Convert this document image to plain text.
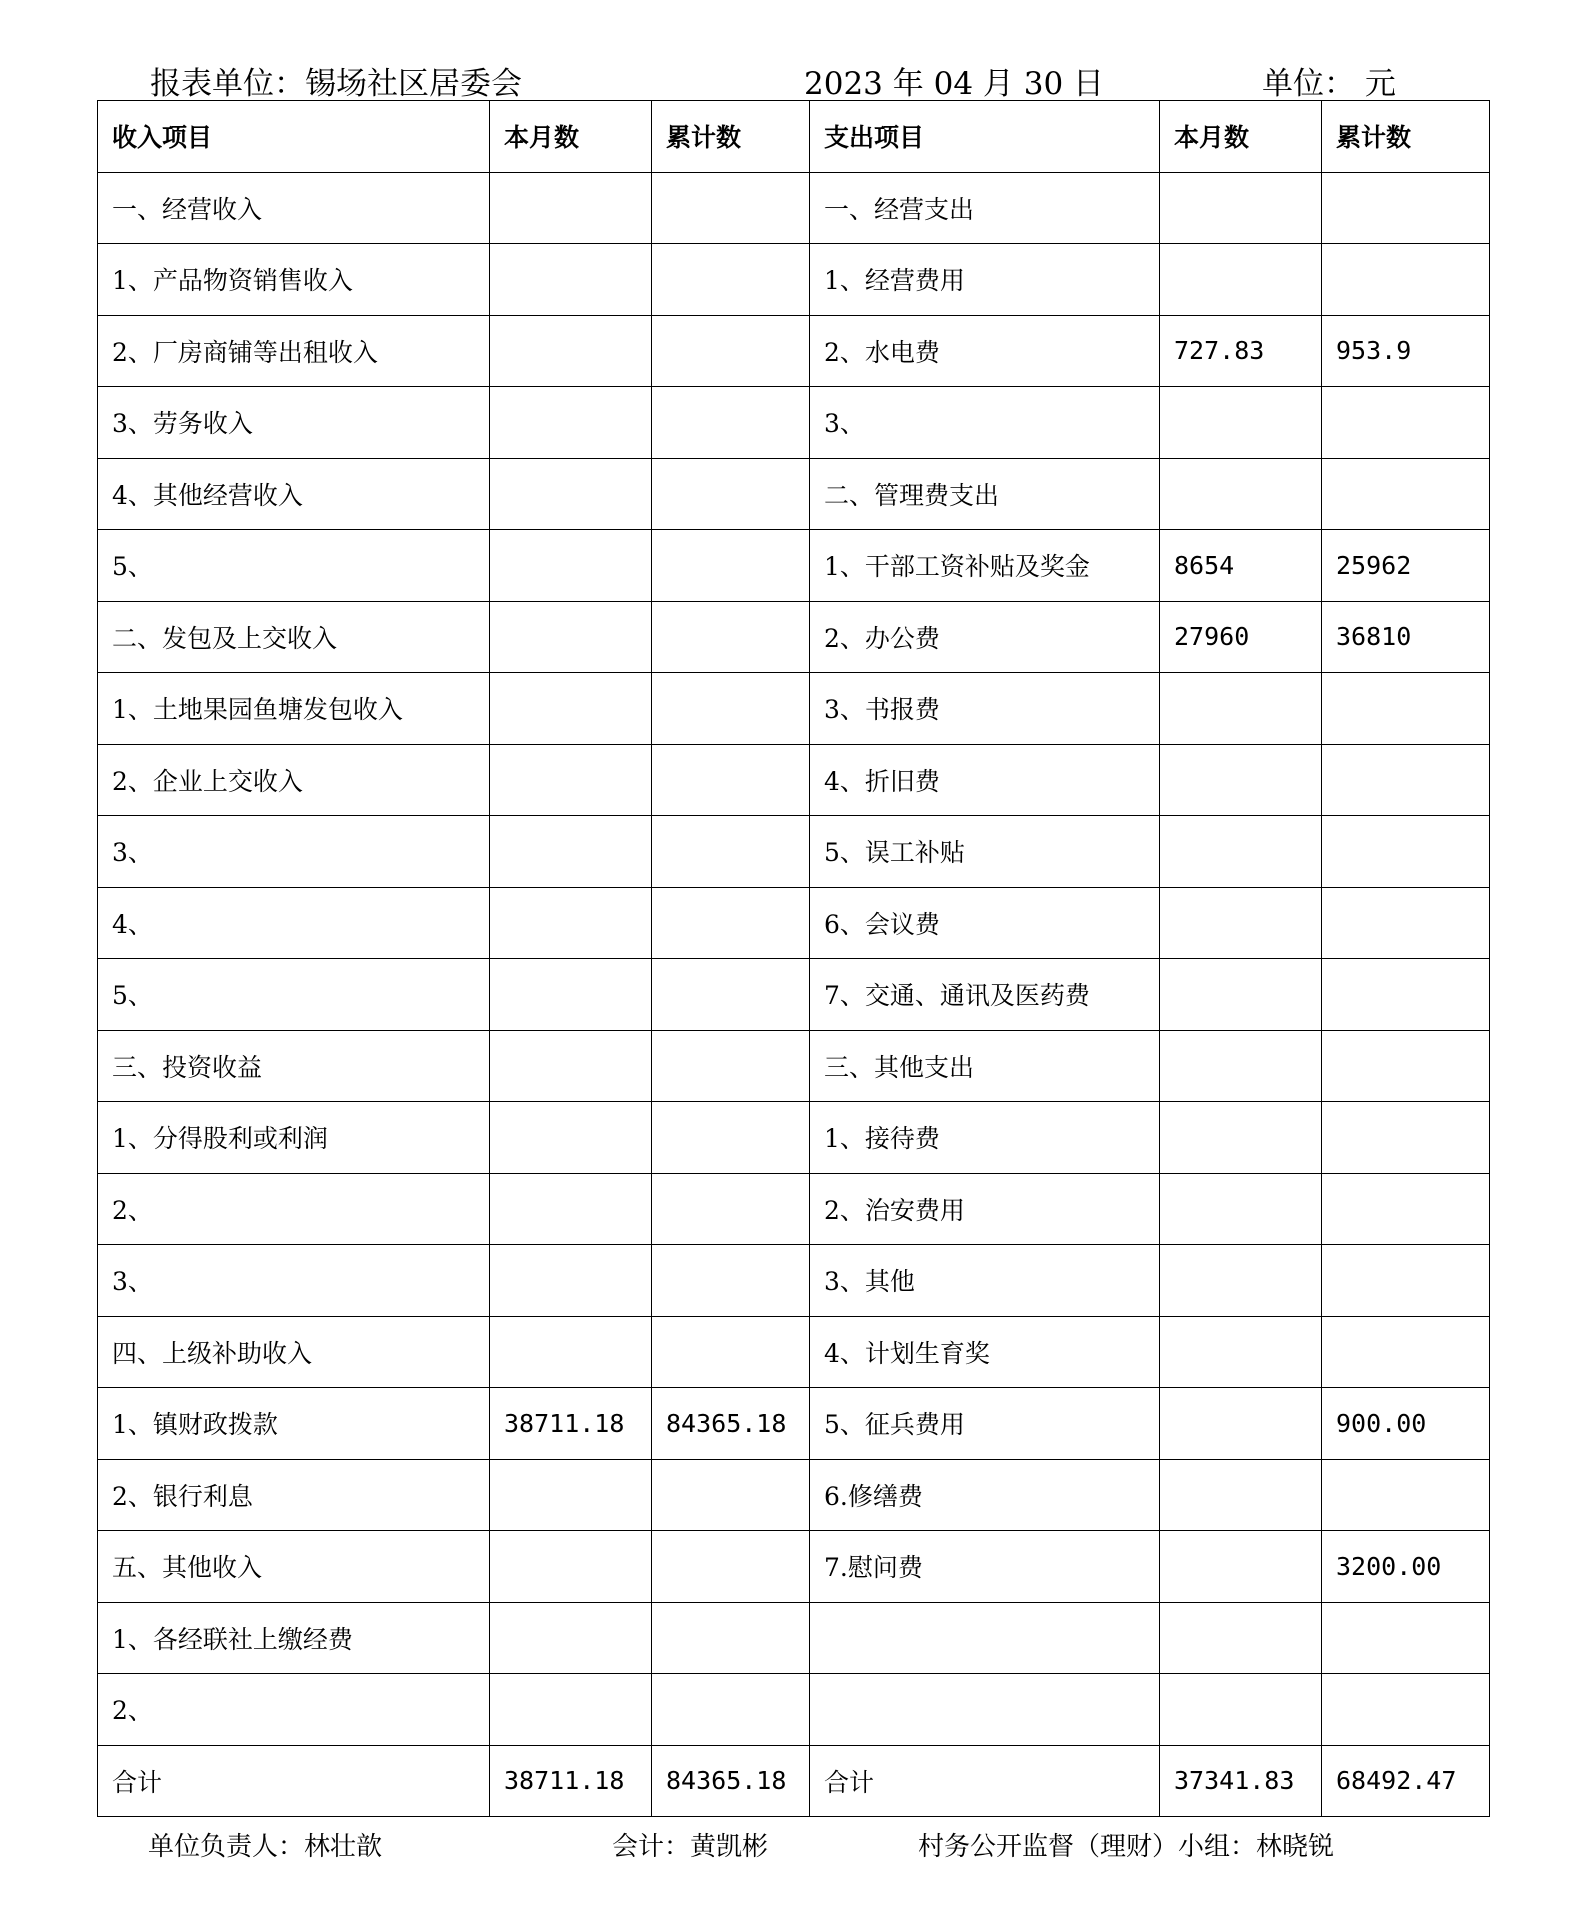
报表单位：锡场社区居委会	2023 年 04 月 30 日	单位： 元
收入项目	本月数	累计数	支出项目	本月数	累计数
一、经营收入			一、经营支出		
1、产品物资销售收入			1、经营费用		
2、厂房商铺等出租收入			2、水电费	727.83	953.9
3、劳务收入			3、		
4、其他经营收入			二、管理费支出		
5、			1、干部工资补贴及奖金	8654	25962
二、发包及上交收入			2、办公费	27960	36810
1、土地果园鱼塘发包收入			3、书报费		
2、企业上交收入			4、折旧费		
3、			5、误工补贴		
4、			6、会议费		
5、			7、交通、通讯及医药费		
三、投资收益			三、其他支出		
1、分得股利或利润			1、接待费		
2、			2、治安费用		
3、			3、其他		
四、上级补助收入			4、计划生育奖		
1、镇财政拨款	38711.18	84365.18	5、征兵费用		900.00
2、银行利息			6.修缮费		
五、其他收入			7.慰问费		3200.00
1、各经联社上缴经费					
2、					
合计	38711.18	84365.18	合计	37341.83	68492.47
单位负责人：林壮歆	会计：黄凯彬	村务公开监督（理财）小组：林晓锐
